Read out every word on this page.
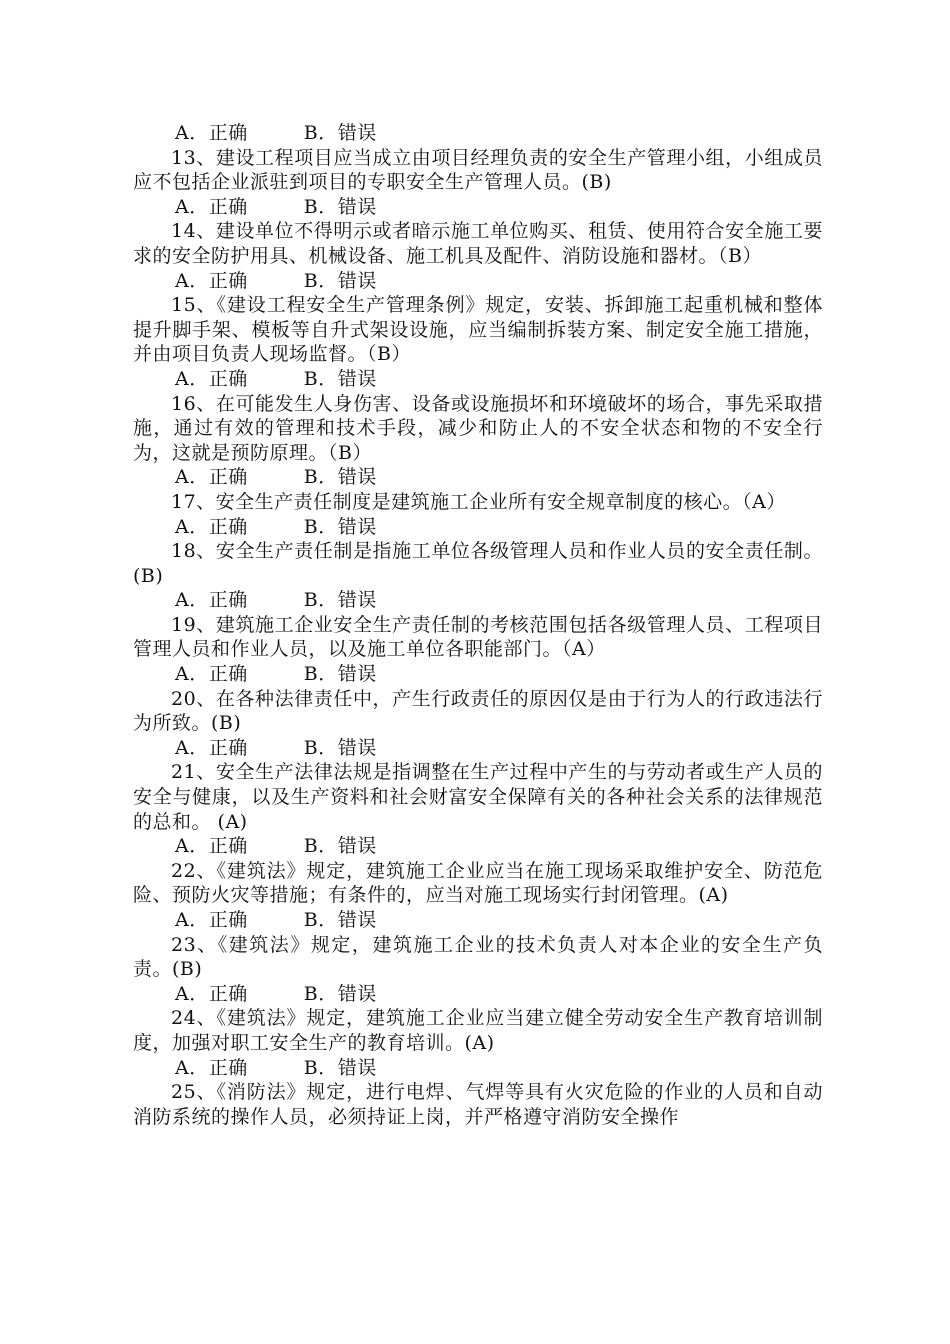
A．正确	B．错误

13、建设工程项目应当成立由项目经理负责的安全生产管理小组，小组成员应不包括企业派驻到项目的专职安全生产管理人员。(B)

A．正确	B．错误

14、建设单位不得明示或者暗示施工单位购买、租赁、使用符合安全施工要求的安全防护用具、机械设备、施工机具及配件、消防设施和器材。（B）

A．正确	B．错误

15、《建设工程安全生产管理条例》规定，安装、拆卸施工起重机械和整体提升脚手架、模板等自升式架设设施，应当编制拆装方案、制定安全施工措施，并由项目负责人现场监督。（B）

A．正确	B．错误

16、在可能发生人身伤害、设备或设施损坏和环境破坏的场合，事先采取措施，通过有效的管理和技术手段，减少和防止人的不安全状态和物的不安全行为，这就是预防原理。（B）

A．正确	B．错误

17、安全生产责任制度是建筑施工企业所有安全规章制度的核心。（A）

A．正确	B．错误

18、安全生产责任制是指施工单位各级管理人员和作业人员的安全责任制。(B)

A．正确	B．错误

19、建筑施工企业安全生产责任制的考核范围包括各级管理人员、工程项目管理人员和作业人员，以及施工单位各职能部门。（A）

A．正确	B．错误

20、在各种法律责任中，产生行政责任的原因仅是由于行为人的行政违法行为所致。(B)

A．正确	B．错误

21、安全生产法律法规是指调整在生产过程中产生的与劳动者或生产人员的安全与健康，以及生产资料和社会财富安全保障有关的各种社会关系的法律规范的总和。 (A)

A．正确	B．错误

22、《建筑法》规定，建筑施工企业应当在施工现场采取维护安全、防范危险、预防火灾等措施；有条件的，应当对施工现场实行封闭管理。(A)

A．正确	B．错误

23、《建筑法》规定，建筑施工企业的技术负责人对本企业的安全生产负责。(B)

A．正确	B．错误

24、《建筑法》规定，建筑施工企业应当建立健全劳动安全生产教育培训制度，加强对职工安全生产的教育培训。(A)

A．正确	B．错误

25、《消防法》规定，进行电焊、气焊等具有火灾危险的作业的人员和自动消防系统的操作人员，必须持证上岗，并严格遵守消防安全操作
